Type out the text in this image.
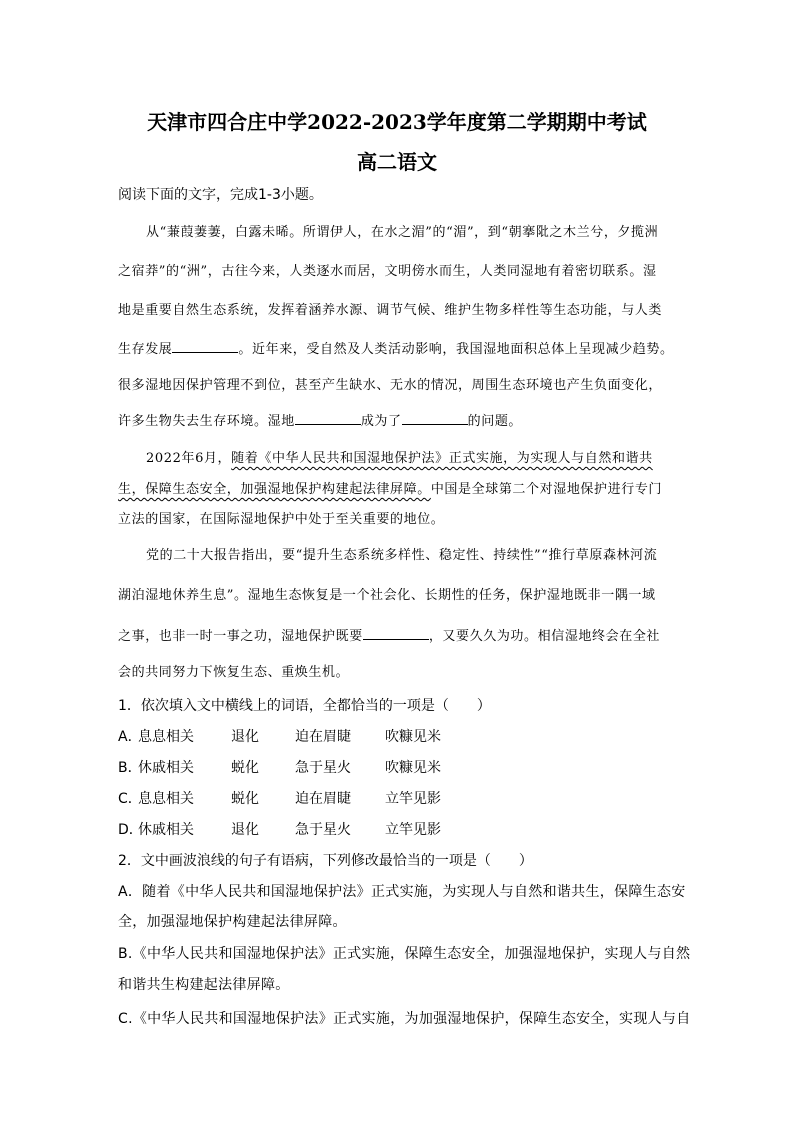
天津市四合庄中学2022-2023学年度第二学期期中考试
高二语文
阅读下面的文字，完成1-3小题。
从“蒹葭萋萋，白露未晞。所谓伊人，在水之湄”的“湄”，到“朝搴阰之木兰兮，夕揽洲
之宿莽”的“洲”，古往今来，人类逐水而居，文明傍水而生，人类同湿地有着密切联系。湿
地是重要自然生态系统，发挥着涵养水源、调节气候、维护生物多样性等生态功能，与人类
生存发展	。近年来，受自然及人类活动影响，我国湿地面积总体上呈现减少趋势。
很多湿地因保护管理不到位，甚至产生缺水、无水的情况，周围生态环境也产生负面变化，
许多生物失去生存环境。湿地	成为了	的问题。
2022年6月，随着《中华人民共和国湿地保护法》正式实施，为实现人与自然和谐共
生，保障生态安全，加强湿地保护构建起法律屏障。中国是全球第二个对湿地保护进行专门
立法的国家，在国际湿地保护中处于至关重要的地位。
党的二十大报告指出，要“提升生态系统多样性、稳定性、持续性”“推行草原森林河流
湖泊湿地休养生息”。湿地生态恢复是一个社会化、长期性的任务，保护湿地既非一隅一域
之事，也非一时一事之功，湿地保护既要	，又要久久为功。相信湿地终会在全社
会的共同努力下恢复生态、重焕生机。
1．依次填入文中横线上的词语，全都恰当的一项是（　　）
A．
息息相关	退化	迫在眉睫 吹糠见米
B．
休戚相关	蜕化	急于星火 吹糠见米
C．
息息相关	蜕化	迫在眉睫 立竿见影
D．
休戚相关	退化	急于星火 立竿见影
2．文中画波浪线的句子有语病，下列修改最恰当的一项是（　　）
A．随着《中华人民共和国湿地保护法》正式实施，为实现人与自然和谐共生，保障生态安
全，加强湿地保护构建起法律屏障。
B.《中华人民共和国湿地保护法》正式实施，保障生态安全，加强湿地保护，实现人与自然
和谐共生构建起法律屏障。
C.《中华人民共和国湿地保护法》正式实施，为加强湿地保护，保障生态安全，实现人与自
